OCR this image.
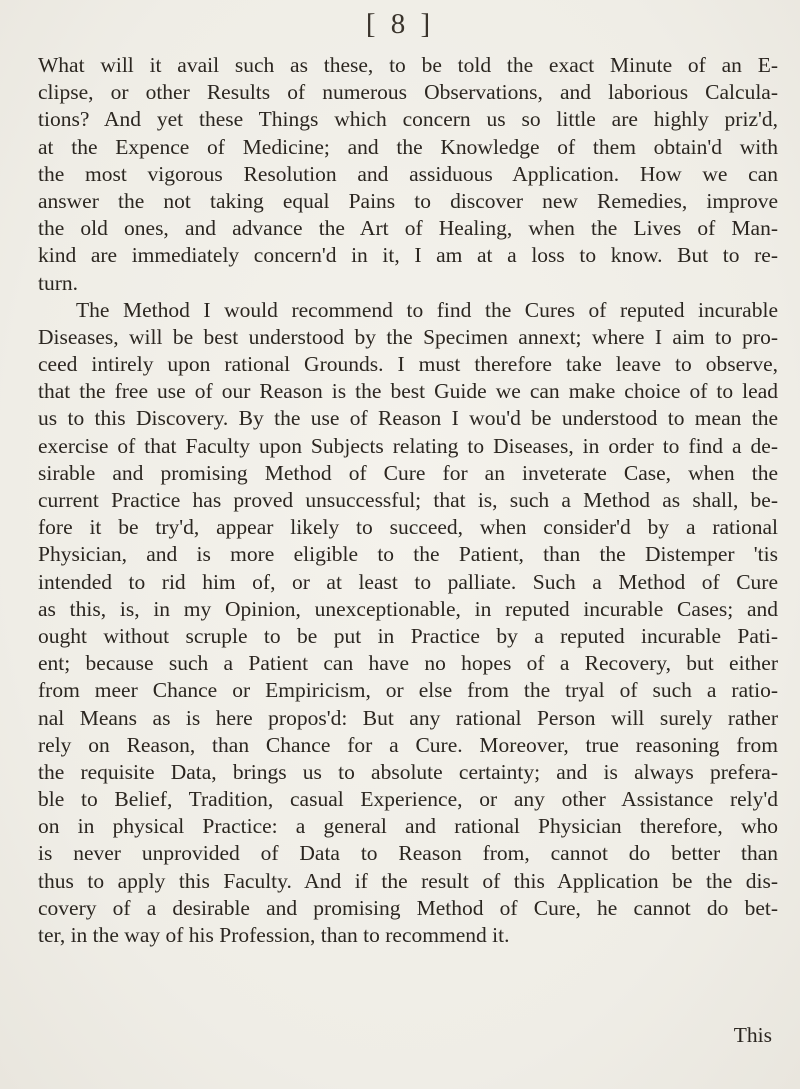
[ 8 ]
What will it avail such as these, to be told the exact Minute of an E-
clipse, or other Results of numerous Observations, and laborious Calcula-
tions? And yet these Things which concern us so little are highly priz'd,
at the Expence of Medicine; and the Knowledge of them obtain'd with
the most vigorous Resolution and assiduous Application. How we can
answer the not taking equal Pains to discover new Remedies, improve
the old ones, and advance the Art of Healing, when the Lives of Man-
kind are immediately concern'd in it, I am at a loss to know. But to re-
turn.
The Method I would recommend to find the Cures of reputed incurable
Diseases, will be best understood by the Specimen annext; where I aim to pro-
ceed intirely upon rational Grounds. I must therefore take leave to observe,
that the free use of our Reason is the best Guide we can make choice of to lead
us to this Discovery. By the use of Reason I wou'd be understood to mean the
exercise of that Faculty upon Subjects relating to Diseases, in order to find a de-
sirable and promising Method of Cure for an inveterate Case, when the
current Practice has proved unsuccessful; that is, such a Method as shall, be-
fore it be try'd, appear likely to succeed, when consider'd by a rational
Physician, and is more eligible to the Patient, than the Distemper 'tis
intended to rid him of, or at least to palliate. Such a Method of Cure
as this, is, in my Opinion, unexceptionable, in reputed incurable Cases; and
ought without scruple to be put in Practice by a reputed incurable Pati-
ent; because such a Patient can have no hopes of a Recovery, but either
from meer Chance or Empiricism, or else from the tryal of such a ratio-
nal Means as is here propos'd: But any rational Person will surely rather
rely on Reason, than Chance for a Cure. Moreover, true reasoning from
the requisite Data, brings us to absolute certainty; and is always prefera-
ble to Belief, Tradition, casual Experience, or any other Assistance rely'd
on in physical Practice: a general and rational Physician therefore, who
is never unprovided of Data to Reason from, cannot do better than
thus to apply this Faculty. And if the result of this Application be the dis-
covery of a desirable and promising Method of Cure, he cannot do bet-
ter, in the way of his Profession, than to recommend it.
This
